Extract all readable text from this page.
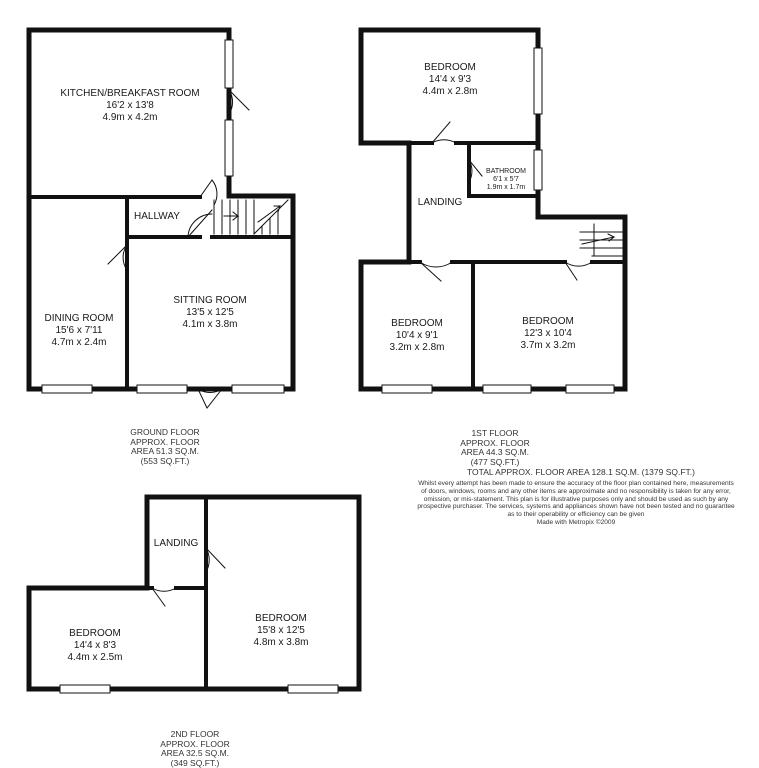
KITCHEN/BREAKFAST ROOM
16'2 x 13'8
4.9m x 4.2m
HALLWAY
DINING ROOM
15'6 x 7'11
4.7m x 2.4m
SITTING ROOM
13'5 x 12'5
4.1m x 3.8m
GROUND FLOOR
APPROX. FLOOR
AREA 51.3 SQ.M.
(553 SQ.FT.)
BEDROOM
14'4 x 9'3
4.4m x 2.8m
BATHROOM
6'1 x 5'7
1.9m x 1.7m
LANDING
BEDROOM
10'4 x 9'1
3.2m x 2.8m
BEDROOM
12'3 x 10'4
3.7m x 3.2m
1ST FLOOR
APPROX. FLOOR
AREA 44.3 SQ.M.
(477 SQ.FT.)
TOTAL APPROX. FLOOR AREA 128.1 SQ.M. (1379 SQ.FT.)
Whilst every attempt has been made to ensure the accuracy of the floor plan contained here, measurements
of doors, windows, rooms and any other items are approximate and no responsibility is taken for any error,
omission, or mis-statement. This plan is for illustrative purposes only and should be used as such by any
prospective purchaser. The services, systems and appliances shown have not been tested and no guarantee
as to their operability or efficiency can be given
Made with Metropix ©2009
LANDING
BEDROOM
14'4 x 8'3
4.4m x 2.5m
BEDROOM
15'8 x 12'5
4.8m x 3.8m
2ND FLOOR
APPROX. FLOOR
AREA 32.5 SQ.M.
(349 SQ.FT.)
